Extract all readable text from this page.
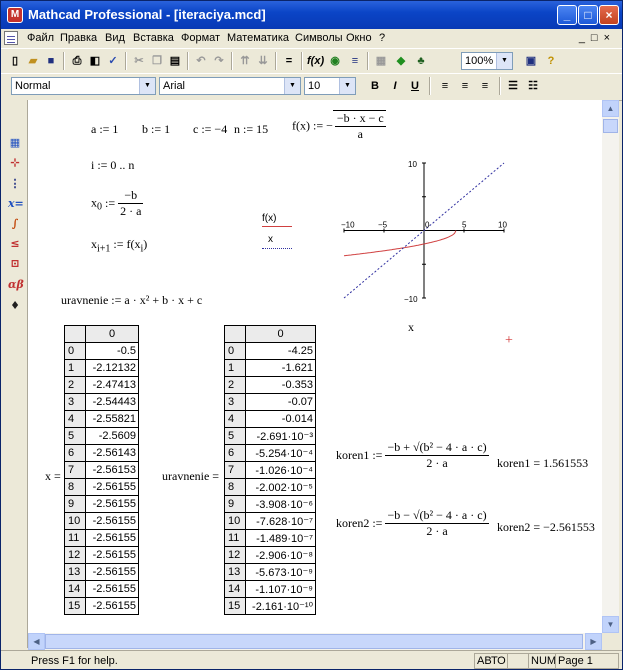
M Mathcad Professional - [iteraciya.mcd]	_	□	×
Файл Правка Вид Вставка Формат Математика Символы Окно ?	_□×
▯ ▰ ■	⎙ ◧ ✓	✂ ❐ ▤	↶ ↷	⇈ ⇊	=	f(x) ◉	≡	▦ ◆	♣	100%	▼	▣	?
Normal	▼	Arial	▼	10	▼	B	I	U	≡	≡	≡	☰ ☷
▦
⊹
⋮
x=
∫
≤
⊡
αβ
♦
a := 1 b := 1 c := −4 n := 15 f(x) := − $\frac{-b \cdot x - c}{a}$
i := 0 .. n
$x_0$ := $\frac{-b}{2 \cdot a}$
$x_{i+1}$ := $f(x_i)$
10
−10
−10	−5	0	5	10
f(x)
x
x
+
uravnenie := a · x² + b · x + c
x =
	0
0	-0.5
1	-2.12132
2	-2.47413
3	-2.54443
4	-2.55821
5	-2.5609
6	-2.56143
7	-2.56153
8	-2.56155
9	-2.56155
10	-2.56155
11	-2.56155
12	-2.56155
13	-2.56155
14	-2.56155
15	-2.56155
uravnenie =
	0
0	-4.25
1	-1.621
2	-0.353
3	-0.07
4	-0.014
5	-2.691·10⁻³
6	-5.254·10⁻⁴
7	-1.026·10⁻⁴
8	-2.002·10⁻⁵
9	-3.908·10⁻⁶
10	-7.628·10⁻⁷
11	-1.489·10⁻⁷
12	-2.906·10⁻⁸
13	-5.673·10⁻⁹
14	-1.107·10⁻⁹
15	-2.161·10⁻¹⁰
koren1 := $\frac{\text{−b + √(b² − 4 · a · c)}}{2 \cdot a}$ koren1 = 1.561553
koren2 := $\frac{\text{−b − √(b² − 4 · a · c)}}{2 \cdot a}$ koren2 = −2.561553
▲
▼
◀	▶
Press F1 for help.	АВТО NUM Page 1
